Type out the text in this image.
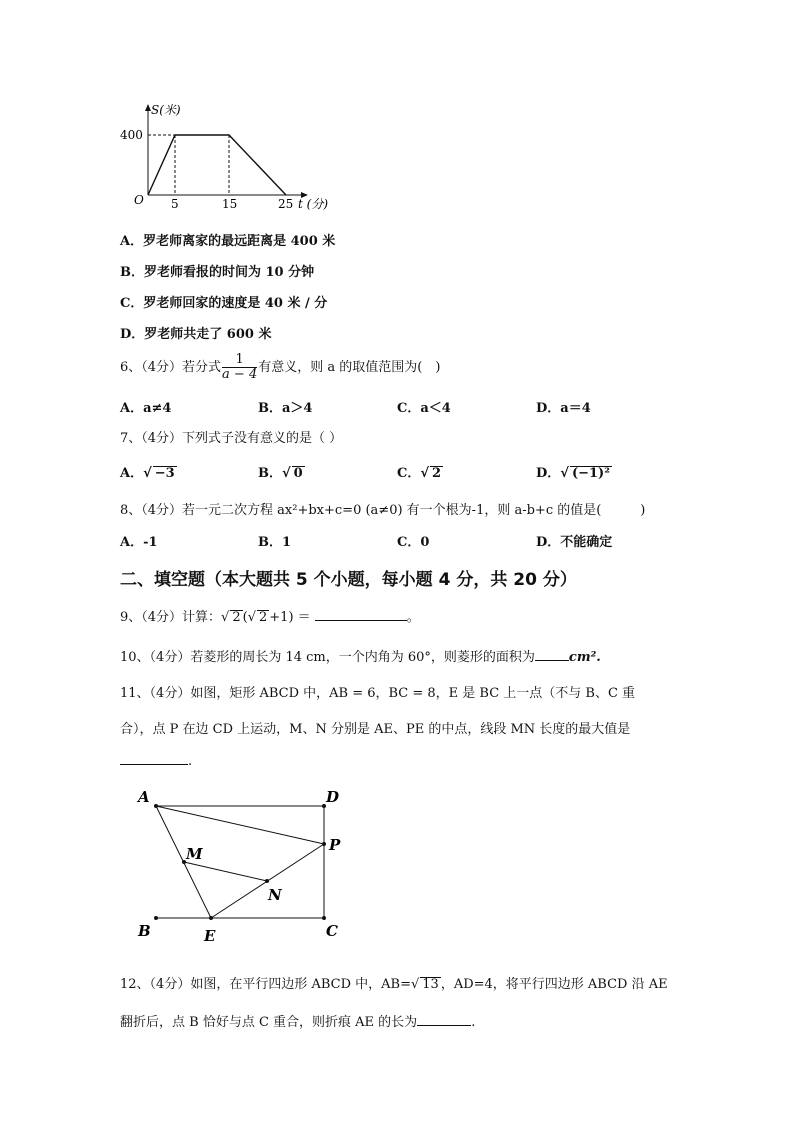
S(米)
400
O 5	15	25 t (分)
A．罗老师离家的最远距离是 400 米
B．罗老师看报的时间为 10 分钟
C．罗老师回家的速度是 40 米 / 分
D．罗老师共走了 600 米
6、（4分）若分式 $\frac{1}{a - 4}$ 有意义，则 a 的取值范围为(　)
A．a≠4	B．a＞4	C．a＜4	D．a＝4
7、（4分）下列式子没有意义的是（ ）
A．√ −3	B．√ 0	C．√ 2	D．√ (−1)²
8、（4分）若一元二次方程 ax²+bx+c=0 (a≠0) 有一个根为-1，则 a-b+c 的值是(　　　)
A．-1	B．1	C．0	D．不能确定
二、填空题（本大题共 5 个小题，每小题 4 分，共 20 分）
9、（4分）计算：√ 2 (√ 2 +1) ＝	。
10、（4分）若菱形的周长为 14 cm，一个内角为 60°，则菱形的面积为	cm².
11、（4分）如图，矩形 ABCD 中，AB = 6，BC = 8，E 是 BC 上一点（不与 B、C 重
合），点 P 在边 CD 上运动，M、N 分别是 AE、PE 的中点，线段 MN 长度的最大值是
.
A	D
M	P
N
B	E	C
12、（4分）如图，在平行四边形 ABCD 中，AB=√ 13 ，AD=4，将平行四边形 ABCD 沿 AE
翻折后，点 B 恰好与点 C 重合，则折痕 AE 的长为	.
